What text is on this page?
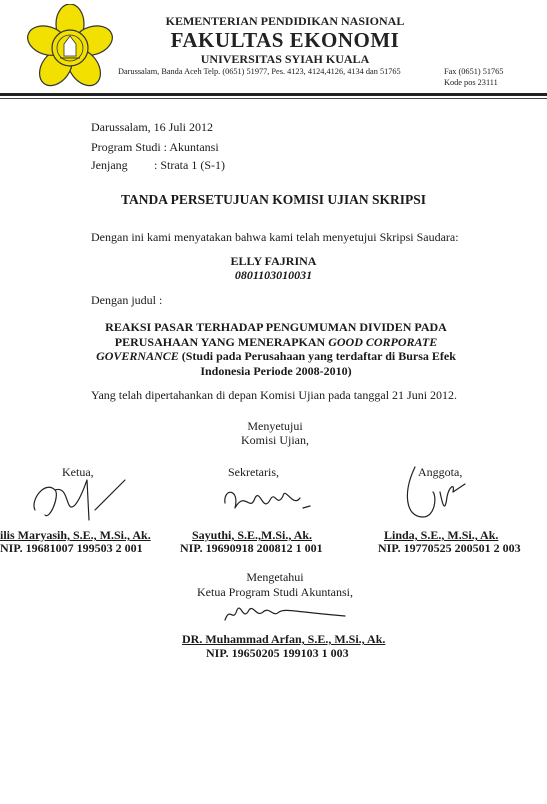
KEMENTERIAN PENDIDIKAN NASIONAL
FAKULTAS EKONOMI
UNIVERSITAS SYIAH KUALA
Darussalam, Banda Aceh Telp. (0651) 51977, Pes. 4123, 4124,4126, 4134 dan 51765	Fax (0651) 51765
Kode pos 23111
Darussalam, 16 Juli 2012
Program Studi : Akuntansi
Jenjang : Strata 1 (S-1)
TANDA PERSETUJUAN KOMISI UJIAN SKRIPSI
Dengan ini kami menyatakan bahwa kami telah menyetujui Skripsi Saudara:
ELLY FAJRINA
0801103010031
Dengan judul :
REAKSI PASAR TERHADAP PENGUMUMAN DIVIDEN PADA
PERUSAHAAN YANG MENERAPKAN GOOD CORPORATE
GOVERNANCE (Studi pada Perusahaan yang terdaftar di Bursa Efek
Indonesia Periode 2008-2010)
Yang telah dipertahankan di depan Komisi Ujian pada tanggal 21 Juni 2012.
Menyetujui
Komisi Ujian,
Ketua,
ilis Maryasih, S.E., M.Si., Ak.
NIP. 19681007 199503 2 001
Sekretaris,
Sayuthi, S.E.,M.Si., Ak.
NIP. 19690918 200812 1 001
Anggota,
Linda, S.E., M.Si., Ak.
NIP. 19770525 200501 2 003
Mengetahui
Ketua Program Studi Akuntansi,
DR. Muhammad Arfan, S.E., M.Si., Ak.
NIP. 19650205 199103 1 003
